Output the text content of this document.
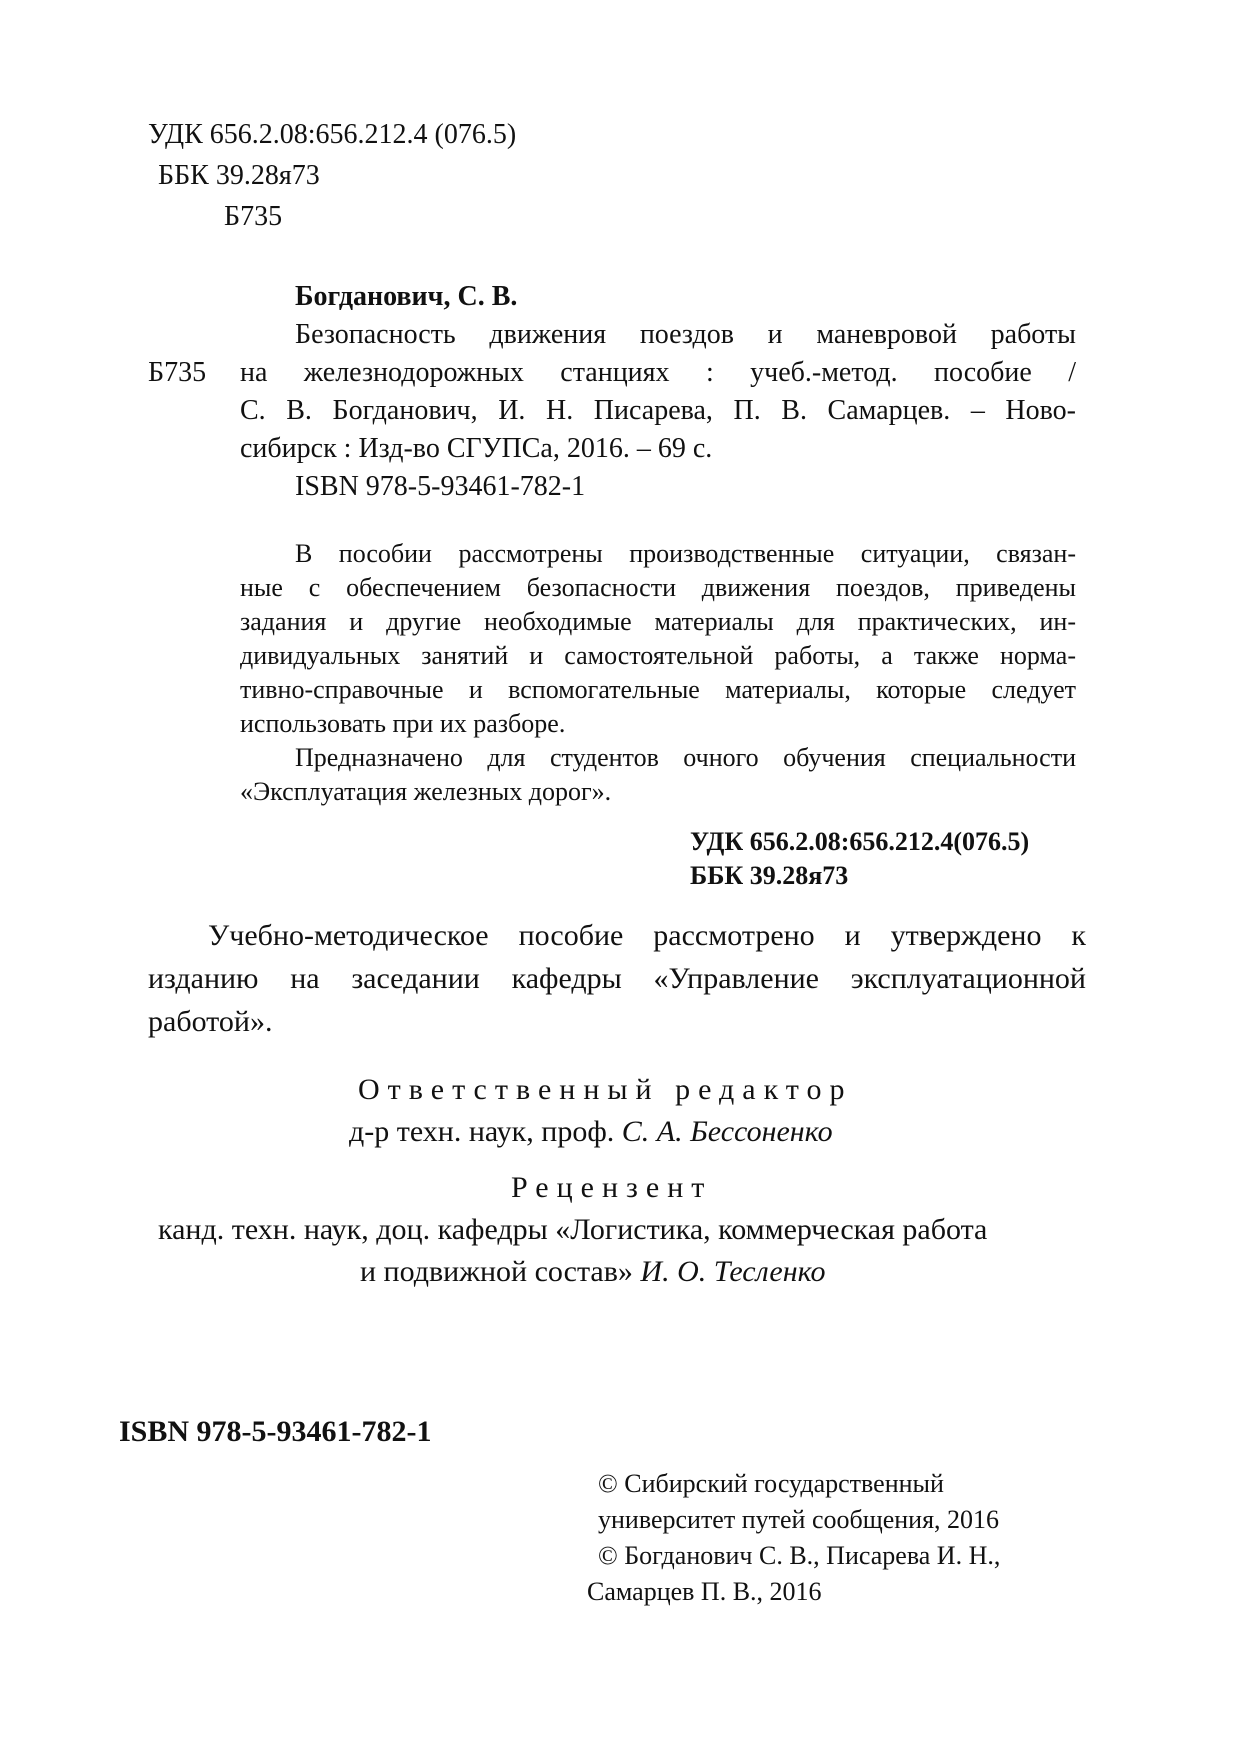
УДК 656.2.08:656.212.4 (076.5)
ББК 39.28я73
Б735
Богданович, С. В.
Безопасность движения поездов и маневровой работы
Б735 на железнодорожных станциях : учеб.-метод. пособие /
С. В. Богданович, И. Н. Писарева, П. В. Самарцев. – Ново-
сибирск : Изд-во СГУПСа, 2016. – 69 с.
ISBN 978-5-93461-782-1
В пособии рассмотрены производственные ситуации, связан-
ные с обеспечением безопасности движения поездов, приведены
задания и другие необходимые материалы для практических, ин-
дивидуальных занятий и самостоятельной работы, а также норма-
тивно-справочные и вспомогательные материалы, которые следует
использовать при их разборе.
Предназначено для студентов очного обучения специальности
«Эксплуатация железных дорог».
УДК 656.2.08:656.212.4(076.5)
ББК 39.28я73
Учебно-методическое пособие рассмотрено и утверждено к
изданию на заседании кафедры «Управление эксплуатационной
работой».
Ответственный редактор
д-р техн. наук, проф. С. А. Бессоненко
Рецензент
канд. техн. наук, доц. кафедры «Логистика, коммерческая работа
и подвижной состав» И. О. Тесленко
ISBN 978-5-93461-782-1
© Сибирский государственный
университет путей сообщения, 2016
© Богданович С. В., Писарева И. Н.,
Самарцев П. В., 2016
